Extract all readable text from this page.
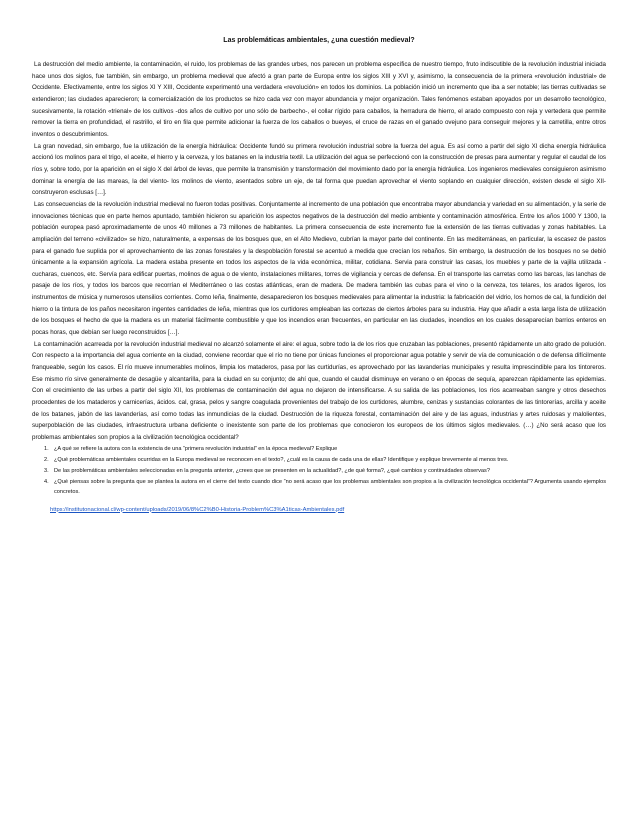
Las problemáticas ambientales, ¿una cuestión medieval?

La destrucción del medio ambiente, la contaminación, el ruido, los problemas de las grandes urbes, nos parecen un problema específica de nuestro tiempo, fruto indiscutible de la revolución industrial iniciada hace unos dos siglos, fue también, sin embargo, un problema medieval que afectó a gran parte de Europa entre los siglos XIII y XVI y, asimismo, la consecuencia de la primera «revolución industrial» de Occidente. Efectivamente, entre los siglos XI Y XIII, Occidente experimentó una verdadera «revolución» en todos los dominios. La población inició un incremento que iba a ser notable; las tierras cultivadas se extendieron; las ciudades aparecieron; la comercialización de los productos se hizo cada vez con mayor abundancia y mejor organización. Tales fenómenos estaban apoyados por un desarrollo tecnológico, sucesivamente, la rotación «trienal» de los cultivos -dos años de cultivo por uno sólo de barbecho-, el collar rígido para caballos, la herradura de hierro, el arado compuesto con reja y vertedera que permite remover la tierra en profundidad, el rastrillo, el tiro en fila que permite adicionar la fuerza de los caballos o bueyes, el cruce de razas en el ganado ovejuno para conseguir mejores y la carretilla, entre otros inventos o descubrimientos.

La gran novedad, sin embargo, fue la utilización de la energía hidráulica: Occidente fundó su primera revolución industrial sobre la fuerza del agua. Es así como a partir del siglo XI dicha energía hidráulica accionó los molinos para el trigo, el aceite, el hierro y la cerveza, y los batanes en la industria textil. La utilización del agua se perfeccionó con la construcción de presas para aumentar y regular el caudal de los ríos y, sobre todo, por la aparición en el siglo X del árbol de levas, que permite la transmisión y transformación del movimiento dado por la energía hidráulica. Los ingenieros medievales consiguieron asimismo dominar la energía de las mareas, la del viento- los molinos de viento, asentados sobre un eje, de tal forma que puedan aprovechar el viento soplando en cualquier dirección, existen desde el siglo XII- construyeron esclusas […].

Las consecuencias de la revolución industrial medieval no fueron todas positivas. Conjuntamente al incremento de una población que encontraba mayor abundancia y variedad en su alimentación, y la serie de innovaciones técnicas que en parte hemos apuntado, también hicieron su aparición los aspectos negativos de la destrucción del medio ambiente y contaminación atmosférica. Entre los años 1000 Y 1300, la población europea pasó aproximadamente de unos 40 millones a 73 millones de habitantes. La primera consecuencia de este incremento fue la extensión de las tierras cultivadas y zonas habitables. La ampliación del terreno «civilizado» se hizo, naturalmente, a expensas de los bosques que, en el Alto Medievo, cubrían la mayor parte del continente. En las mediterráneas, en particular, la escasez de pastos para el ganado fue suplida por el aprovechamiento de las zonas forestales y la despoblación forestal se acentuó a medida que crecían los rebaños. Sin embargo, la destrucción de los bosques no se debió únicamente a la expansión agrícola. La madera estaba presente en todos los aspectos de la vida económica, militar, cotidiana. Servia para construir las casas, los muebles y parte de la vajilla utilizada -cucharas, cuencos, etc. Servía para edificar puertas, molinos de agua o de viento, instalaciones militares, torres de vigilancia y cercas de defensa. En el transporte las carretas como las barcas, las lanchas de pasaje de los ríos, y todos los barcos que recorrían el Mediterráneo o las costas atlánticas, eran de madera. De madera también las cubas para el vino o la cerveza, tos telares, los arados ligeros, los instrumentos de música y numerosos utensilios corrientes. Como leña, finalmente, desaparecieron los bosques medievales para alimentar la industria: la fabricación del vidrio, los hornos de cal, la fundición del hierro o la tintura de los paños necesitaron ingentes cantidades de leña, mientras que los curtidores empleaban las cortezas de ciertos árboles para su industria. Hay que añadir a esta larga lista de utilización de los bosques el hecho de que la madera es un material fácilmente combustible y que los incendios eran frecuentes, en particular en las ciudades, incendios en los cuales desaparecían barrios enteros en pocas horas, que debían ser luego reconstruidos […].

La contaminación acarreada por la revolución industrial medieval no alcanzó solamente el aire: el agua, sobre todo la de los ríos que cruzaban las poblaciones, presentó rápidamente un alto grado de polución. Con respecto a la importancia del agua corriente en la ciudad, conviene recordar que el río no tiene por únicas funciones el proporcionar agua potable y servir de vía de comunicación o de defensa difícilmente franqueable, según los casos. El río mueve innumerables molinos, limpia los mataderos, pasa por las curtidurías, es aprovechado por las lavanderías municipales y resulta imprescindible para los tintoreros. Ese mismo río sirve generalmente de desagüe y alcantarilla, para la ciudad en su conjunto; de ahí que, cuando el caudal disminuye en verano o en épocas de sequía, aparezcan rápidamente las epidemias. Con el crecimiento de las urbes a partir del siglo XII, los problemas de contaminación del agua no dejaron de intensificarse. A su salida de las poblaciones, los ríos acarreaban sangre y otros desechos procedentes de los mataderos y carnicerías, ácidos. cal, grasa, pelos y sangre coagulada provenientes del trabajo de los curtidores, alumbre, cenizas y sustancias colorantes de las tintorerías, arcilla y aceite de los batanes, jabón de las lavanderías, así como todas las inmundicias de la ciudad. Destrucción de la riqueza forestal, contaminación del aire y de las aguas, industrias y artes ruidosas y malolientes, superpoblación de las ciudades, infraestructura urbana deficiente o inexistente son parte de los problemas que conocieron los europeos de los últimos siglos medievales. (…) ¿No será acaso que los problemas ambientales son propios a la civilización tecnológica occidental?

1. ¿A qué se refiere la autora con la existencia de una “primera revolución industrial” en la época medieval? Explique
2. ¿Qué problemáticas ambientales ocurridas en la Europa medieval se reconocen en el texto?, ¿cuál es la causa de cada una de ellas? Identifique y explique brevemente al menos tres.
3. De las problemáticas ambientales seleccionadas en la pregunta anterior, ¿crees que se presenten en la actualidad?, ¿de qué forma?, ¿qué cambios y continuidades observas?
4. ¿Qué piensas sobre la pregunta que se plantea la autora en el cierre del texto cuando dice “no será acaso que los problemas ambientales son propios a la civilización tecnológica occidental”? Argumenta usando ejemplos concretos.
https://institutonacional.cl/wp-content/uploads/2019/06/8%C2%B0-Historia-Problem%C3%A1ticas-Ambientales.pdf
